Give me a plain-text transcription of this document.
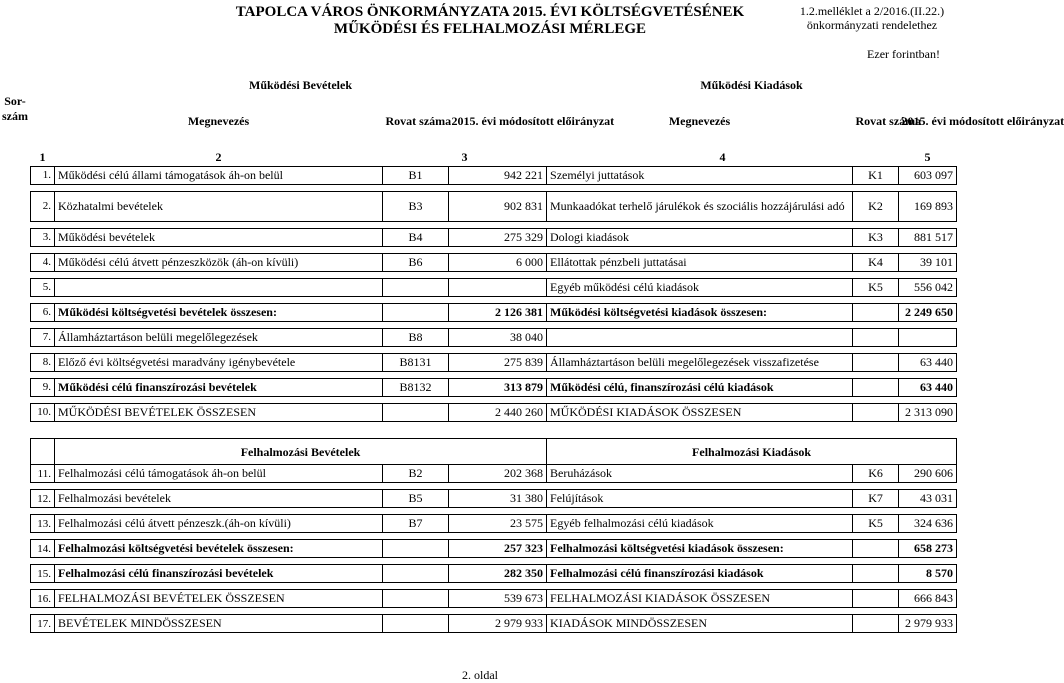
TAPOLCA VÁROS ÖNKORMÁNYZATA 2015. ÉVI KÖLTSÉGVETÉSÉNEK
MŰKÖDÉSI ÉS FELHALMOZÁSI MÉRLEGE
1.2.melléklet a 2/2016.(II.22.)
önkormányzati rendelethez
Ezer forintban!
Sor-szám
	Működési Bevételek			Működési Kiadások		
	Megnevezés	Rovat száma	2015. évi módosított előirányzat	Megnevezés	Rovat száma	2015. évi módosított előirányzat
1	2	3		4		5
1.	Működési célú állami támogatások áh-on belül	B1	942 221	Személyi juttatások	K1	603 097

2.	Közhatalmi bevételek	B3	902 831	Munkaadókat terhelő járulékok és szociális hozzájárulási adó	K2	169 893

3.	Működési bevételek	B4	275 329	Dologi kiadások	K3	881 517

4.	Működési célú átvett pénzeszközök (áh-on kívüli)	B6	6 000	Ellátottak pénzbeli juttatásai	K4	39 101

5.				Egyéb működési célú kiadások	K5	556 042

6.	Működési költségvetési bevételek összesen:		2 126 381	Működési költségvetési kiadások összesen:		2 249 650

7.	Államháztartáson belüli megelőlegezések	B8	38 040			

8.	Előző évi költségvetési maradvány igénybevétele	B8131	275 839	Államháztartáson belüli megelőlegezések visszafizetése		63 440

9.	Működési célú finanszírozási bevételek	B8132	313 879	Működési célú, finanszírozási célú kiadások		63 440

10.	MŰKÖDÉSI BEVÉTELEK ÖSSZESEN		2 440 260	MŰKÖDÉSI KIADÁSOK ÖSSZESEN		2 313 090
	Felhalmozási Bevételek			Felhalmozási Kiadások		
11.	Felhalmozási célú támogatások áh-on belül	B2	202 368	Beruházások	K6	290 606

12.	Felhalmozási bevételek	B5	31 380	Felújítások	K7	43 031

13.	Felhalmozási célú átvett pénzeszk.(áh-on kívüli)	B7	23 575	Egyéb felhalmozási célú kiadások	K5	324 636

14.	Felhalmozási költségvetési bevételek összesen:		257 323	Felhalmozási költségvetési kiadások összesen:		658 273

15.	Felhalmozási célú finanszírozási bevételek		282 350	Felhalmozási célú finanszírozási kiadások		8 570

16.	FELHALMOZÁSI BEVÉTELEK ÖSSZESEN		539 673	FELHALMOZÁSI KIADÁSOK ÖSSZESEN		666 843

17.	BEVÉTELEK MINDÖSSZESEN		2 979 933	KIADÁSOK MINDÖSSZESEN		2 979 933
2. oldal
